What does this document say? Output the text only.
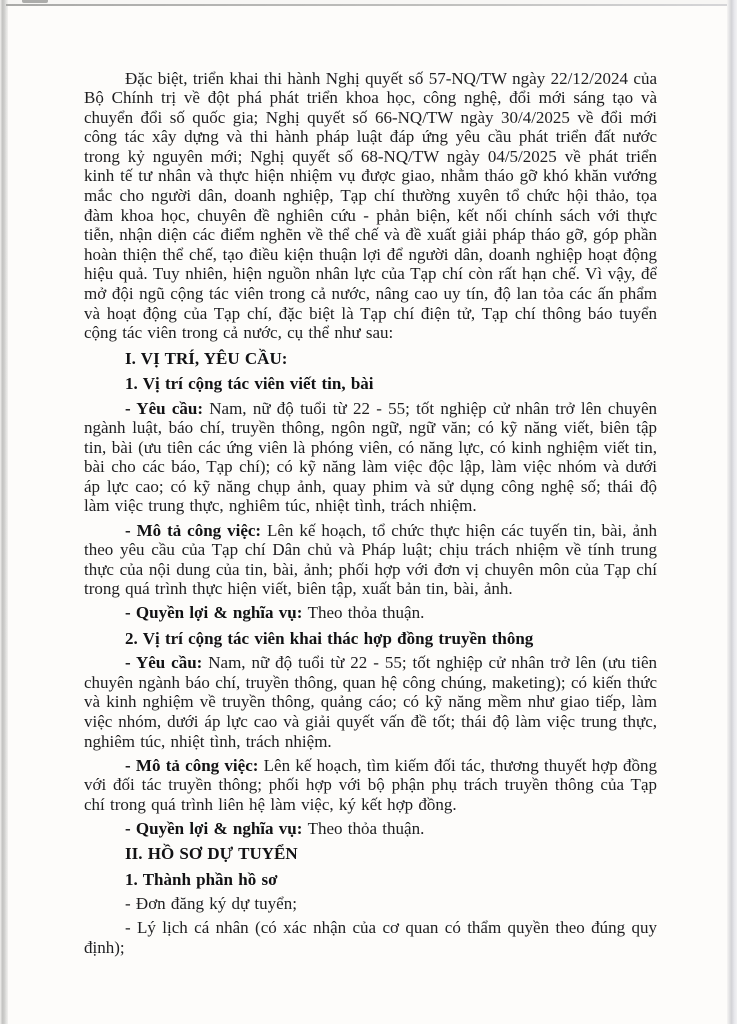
Đặc biệt, triển khai thi hành Nghị quyết số 57-NQ/TW ngày 22/12/2024 của Bộ Chính trị về đột phá phát triển khoa học, công nghệ, đổi mới sáng tạo và chuyển đổi số quốc gia; Nghị quyết số 66-NQ/TW ngày 30/4/2025 về đổi mới công tác xây dựng và thi hành pháp luật đáp ứng yêu cầu phát triển đất nước trong kỷ nguyên mới; Nghị quyết số 68-NQ/TW ngày 04/5/2025 về phát triển kinh tế tư nhân và thực hiện nhiệm vụ được giao, nhằm tháo gỡ khó khăn vướng mắc cho người dân, doanh nghiệp, Tạp chí thường xuyên tổ chức hội thảo, tọa đàm khoa học, chuyên đề nghiên cứu - phản biện, kết nối chính sách với thực tiễn, nhận diện các điểm nghẽn về thể chế và đề xuất giải pháp tháo gỡ, góp phần hoàn thiện thể chế, tạo điều kiện thuận lợi để người dân, doanh nghiệp hoạt động hiệu quả. Tuy nhiên, hiện nguồn nhân lực của Tạp chí còn rất hạn chế. Vì vậy, để mở đội ngũ cộng tác viên trong cả nước, nâng cao uy tín, độ lan tỏa các ấn phẩm và hoạt động của Tạp chí, đặc biệt là Tạp chí điện tử, Tạp chí thông báo tuyển cộng tác viên trong cả nước, cụ thể như sau:

I. VỊ TRÍ, YÊU CẦU:

1. Vị trí cộng tác viên viết tin, bài

- Yêu cầu: Nam, nữ độ tuổi từ 22 - 55; tốt nghiệp cử nhân trở lên chuyên ngành luật, báo chí, truyền thông, ngôn ngữ, ngữ văn; có kỹ năng viết, biên tập tin, bài (ưu tiên các ứng viên là phóng viên, có năng lực, có kinh nghiệm viết tin, bài cho các báo, Tạp chí); có kỹ năng làm việc độc lập, làm việc nhóm và dưới áp lực cao; có kỹ năng chụp ảnh, quay phim và sử dụng công nghệ số; thái độ làm việc trung thực, nghiêm túc, nhiệt tình, trách nhiệm.

- Mô tả công việc: Lên kế hoạch, tổ chức thực hiện các tuyến tin, bài, ảnh theo yêu cầu của Tạp chí Dân chủ và Pháp luật; chịu trách nhiệm về tính trung thực của nội dung của tin, bài, ảnh; phối hợp với đơn vị chuyên môn của Tạp chí trong quá trình thực hiện viết, biên tập, xuất bản tin, bài, ảnh.

- Quyền lợi & nghĩa vụ: Theo thỏa thuận.

2. Vị trí cộng tác viên khai thác hợp đồng truyền thông

- Yêu cầu: Nam, nữ độ tuổi từ 22 - 55; tốt nghiệp cử nhân trở lên (ưu tiên chuyên ngành báo chí, truyền thông, quan hệ công chúng, maketing); có kiến thức và kinh nghiệm về truyền thông, quảng cáo; có kỹ năng mềm như giao tiếp, làm việc nhóm, dưới áp lực cao và giải quyết vấn đề tốt; thái độ làm việc trung thực, nghiêm túc, nhiệt tình, trách nhiệm.

- Mô tả công việc: Lên kế hoạch, tìm kiếm đối tác, thương thuyết hợp đồng với đối tác truyền thông; phối hợp với bộ phận phụ trách truyền thông của Tạp chí trong quá trình liên hệ làm việc, ký kết hợp đồng.

- Quyền lợi & nghĩa vụ: Theo thỏa thuận.

II. HỒ SƠ DỰ TUYỂN

1. Thành phần hồ sơ

- Đơn đăng ký dự tuyển;

- Lý lịch cá nhân (có xác nhận của cơ quan có thẩm quyền theo đúng quy định);
